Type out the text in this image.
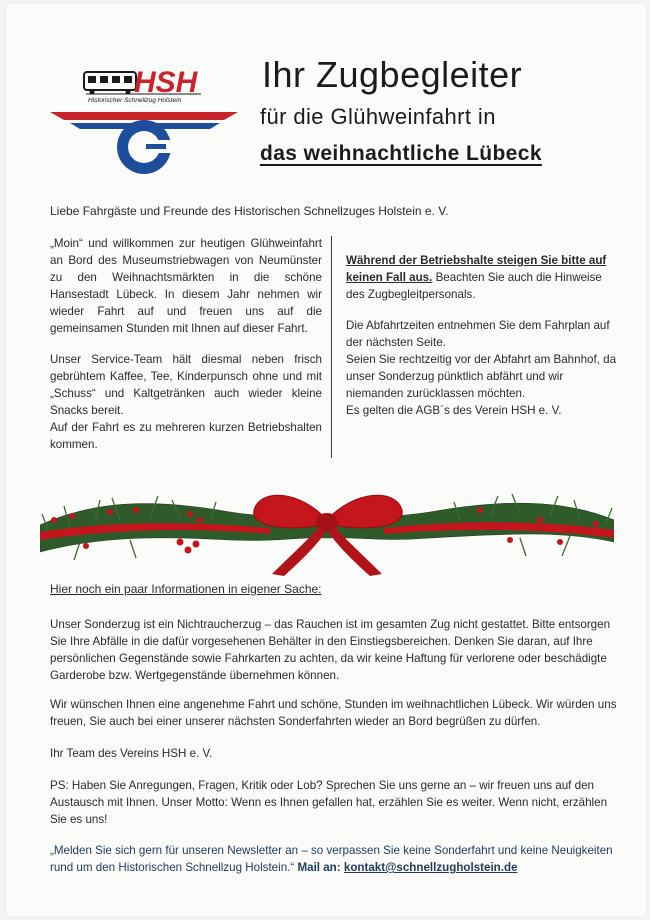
HSH
Historischer Schnellzug Holstein
Ihr Zugbegleiter
für die Glühweinfahrt in
das weihnachtliche Lübeck
Liebe Fahrgäste und Freunde des Historischen Schnellzuges Holstein e. V.

„Moin“ und willkommen zur heutigen Glühweinfahrt an Bord des Museumstriebwagen von Neumünster zu den Weihnachtsmärkten in die schöne Hansestadt Lübeck. In diesem Jahr nehmen wir wieder Fahrt auf und freuen uns auf die gemeinsamen Stunden mit Ihnen auf dieser Fahrt.

Unser Service-Team hält diesmal neben frisch gebrühtem Kaffee, Tee, Kinderpunsch ohne und mit „Schuss“ und Kaltgetränken auch wieder kleine Snacks bereit.

Auf der Fahrt es zu mehreren kurzen Betriebshalten kommen.

Während der Betriebshalte steigen Sie bitte auf keinen Fall aus. Beachten Sie auch die Hinweise des Zugbegleitpersonals.

Die Abfahrtzeiten entnehmen Sie dem Fahrplan auf der nächsten Seite.

Seien Sie rechtzeitig vor der Abfahrt am Bahnhof, da unser Sonderzug pünktlich abfährt und wir niemanden zurücklassen möchten.

Es gelten die AGB´s des Verein HSH e. V.

Hier noch ein paar Informationen in eigener Sache:
Unser Sonderzug ist ein Nichtraucherzug – das Rauchen ist im gesamten Zug nicht gestattet. Bitte entsorgen Sie Ihre Abfälle in die dafür vorgesehenen Behälter in den Einstiegsbereichen. Denken Sie daran, auf Ihre persönlichen Gegenstände sowie Fahrkarten zu achten, da wir keine Haftung für verlorene oder beschädigte Garderobe bzw. Wertgegenstände übernehmen können.
Wir wünschen Ihnen eine angenehme Fahrt und schöne, Stunden im weihnachtlichen Lübeck. Wir würden uns freuen, Sie auch bei einer unserer nächsten Sonderfahrten wieder an Bord begrüßen zu dürfen.
Ihr Team des Vereins HSH e. V.
PS: Haben Sie Anregungen, Fragen, Kritik oder Lob? Sprechen Sie uns gerne an – wir freuen uns auf den Austausch mit Ihnen. Unser Motto: Wenn es Ihnen gefallen hat, erzählen Sie es weiter. Wenn nicht, erzählen Sie es uns!
„Melden Sie sich gern für unseren Newsletter an – so verpassen Sie keine Sonderfahrt und keine Neuigkeiten rund um den Historischen Schnellzug Holstein.“ Mail an: kontakt@schnellzugholstein.de
